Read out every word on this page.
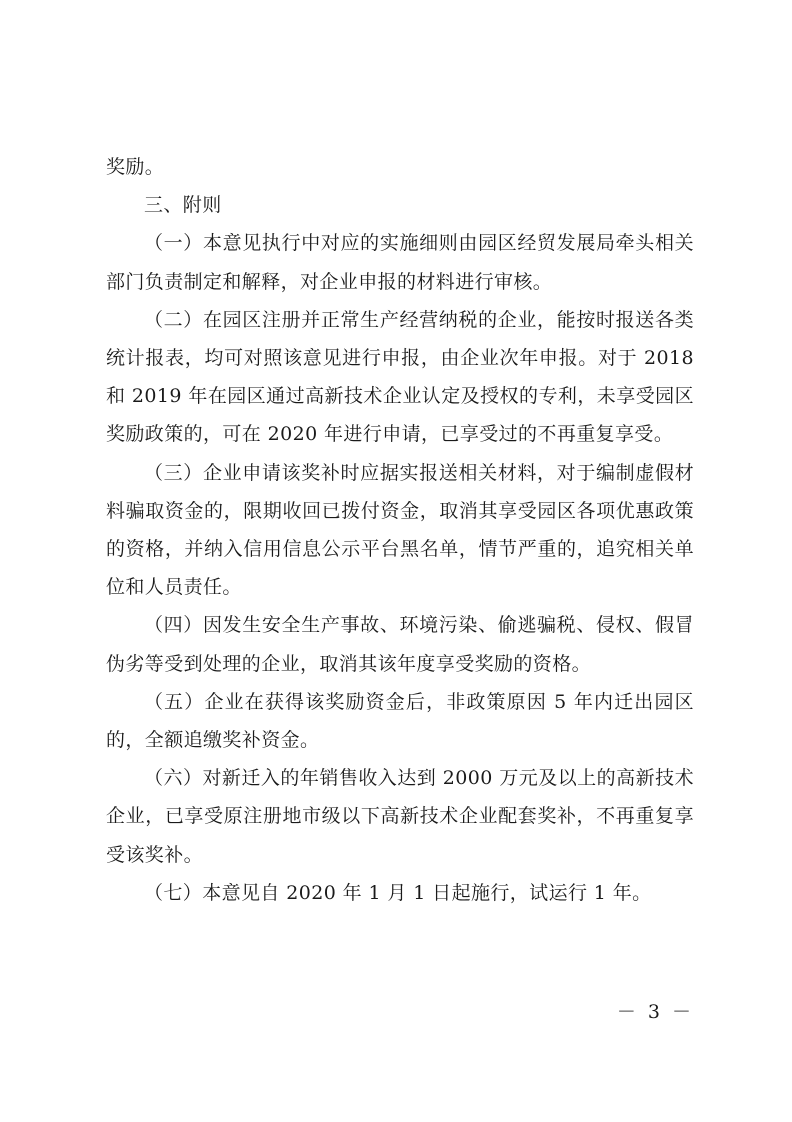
奖励。

三、附则

（一）本意见执行中对应的实施细则由园区经贸发展局牵头相关部门负责制定和解释，对企业申报的材料进行审核。

（二）在园区注册并正常生产经营纳税的企业，能按时报送各类统计报表，均可对照该意见进行申报，由企业次年申报。对于 2018 和 2019 年在园区通过高新技术企业认定及授权的专利，未享受园区奖励政策的，可在 2020 年进行申请，已享受过的不再重复享受。

（三）企业申请该奖补时应据实报送相关材料，对于编制虚假材料骗取资金的，限期收回已拨付资金，取消其享受园区各项优惠政策的资格，并纳入信用信息公示平台黑名单，情节严重的，追究相关单位和人员责任。

（四）因发生安全生产事故、环境污染、偷逃骗税、侵权、假冒伪劣等受到处理的企业，取消其该年度享受奖励的资格。

（五）企业在获得该奖励资金后，非政策原因 5 年内迁出园区的，全额追缴奖补资金。

（六）对新迁入的年销售收入达到 2000 万元及以上的高新技术企业，已享受原注册地市级以下高新技术企业配套奖补，不再重复享受该奖补。

（七）本意见自 2020 年 1 月 1 日起施行，试运行 1 年。

－ 3 －
